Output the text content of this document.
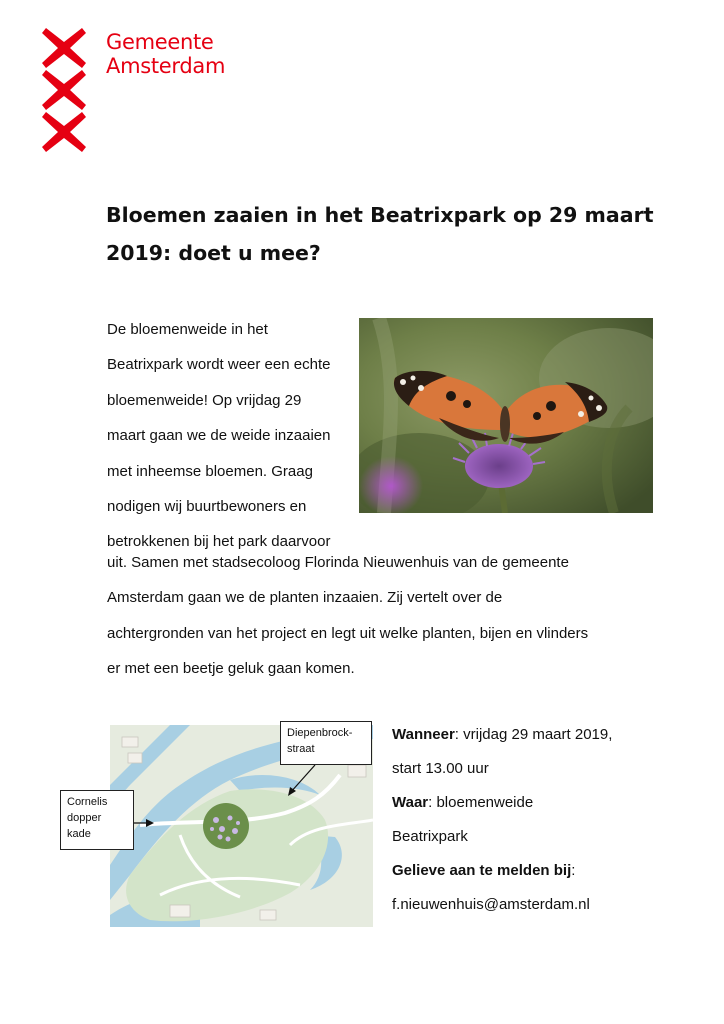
Gemeente
Amsterdam
Bloemen zaaien in het Beatrixpark op 29 maart
2019: doet u mee?
De bloemenweide in het
Beatrixpark wordt weer een echte
bloemenweide! Op vrijdag 29
maart gaan we de weide inzaaien
met inheemse bloemen. Graag
nodigen wij buurtbewoners en
betrokkenen bij het park daarvoor
uit. Samen met stadsecoloog Florinda Nieuwenhuis van de gemeente
Amsterdam gaan we de planten inzaaien. Zij vertelt over de
achtergronden van het project en legt uit welke planten, bijen en vlinders
er met een beetje geluk gaan komen.
Diepenbrock-
straat
Cornelis
dopper
kade
Wanneer: vrijdag 29 maart 2019,
start 13.00 uur
Waar: bloemenweide
Beatrixpark
Gelieve aan te melden bij:
f.nieuwenhuis@amsterdam.nl
